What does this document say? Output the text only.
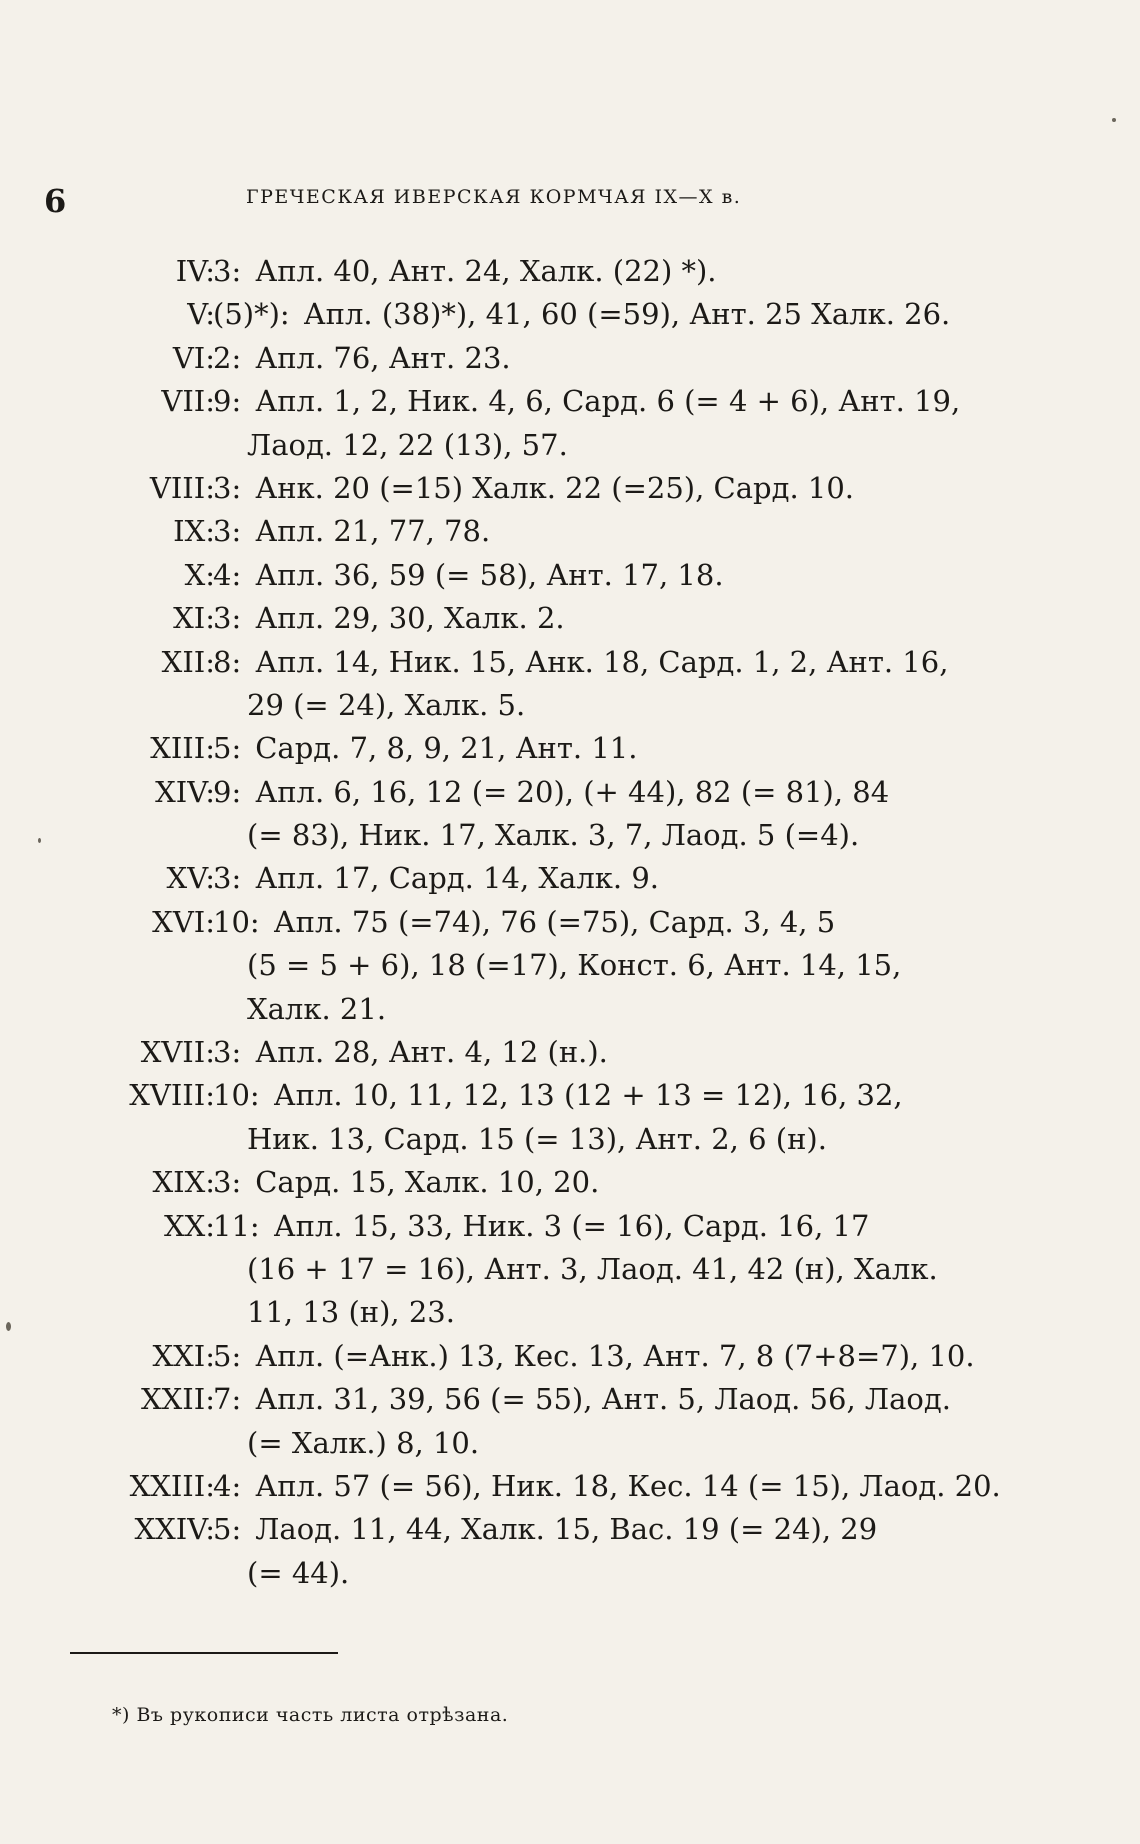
6	ГРЕЧЕСКАЯ ИВЕРСКАЯ КОРМЧАЯ IX—X в.
IV:
3: Апл. 40, Ант. 24, Халк. (22) *).
V:
(5)*): Апл. (38)*), 41, 60 (=59), Ант. 25 Халк. 26.
VI:
2: Апл. 76, Ант. 23.
VII:
9: Апл. 1, 2, Ник. 4, 6, Сард. 6 (= 4 + 6), Ант. 19,
Лаод. 12, 22 (13), 57.
VIII:
3: Анк. 20 (=15) Халк. 22 (=25), Сард. 10.
IX:
3: Апл. 21, 77, 78.
X:
4: Апл. 36, 59 (= 58), Ант. 17, 18.
XI:
3: Апл. 29, 30, Халк. 2.
XII:
8: Апл. 14, Ник. 15, Анк. 18, Сард. 1, 2, Ант. 16,
29 (= 24), Халк. 5.
XIII:
5: Сард. 7, 8, 9, 21, Ант. 11.
XIV:
9: Апл. 6, 16, 12 (= 20), (+ 44), 82 (= 81), 84
(= 83), Ник. 17, Халк. 3, 7, Лаод. 5 (=4).
XV:
3: Апл. 17, Сард. 14, Халк. 9.
XVI:
10: Апл. 75 (=74), 76 (=75), Сард. 3, 4, 5
(5 = 5 + 6), 18 (=17), Конст. 6, Ант. 14, 15,
Халк. 21.
XVII:
3: Апл. 28, Ант. 4, 12 (н.).
XVIII:
10: Апл. 10, 11, 12, 13 (12 + 13 = 12), 16, 32,
Ник. 13, Сард. 15 (= 13), Ант. 2, 6 (н).
XIX:
3: Сард. 15, Халк. 10, 20.
XX:
11: Апл. 15, 33, Ник. 3 (= 16), Сард. 16, 17
(16 + 17 = 16), Ант. 3, Лаод. 41, 42 (н), Халк.
11, 13 (н), 23.
XXI:
5: Апл. (=Анк.) 13, Кес. 13, Ант. 7, 8 (7+8=7), 10.
XXII:
7: Апл. 31, 39, 56 (= 55), Ант. 5, Лаод. 56, Лаод.
(= Халк.) 8, 10.
XXIII:
4: Апл. 57 (= 56), Ник. 18, Кес. 14 (= 15), Лаод. 20.
XXIV:
5: Лаод. 11, 44, Халк. 15, Вас. 19 (= 24), 29
(= 44).
*) Въ рукописи часть листа отрѣзана.
